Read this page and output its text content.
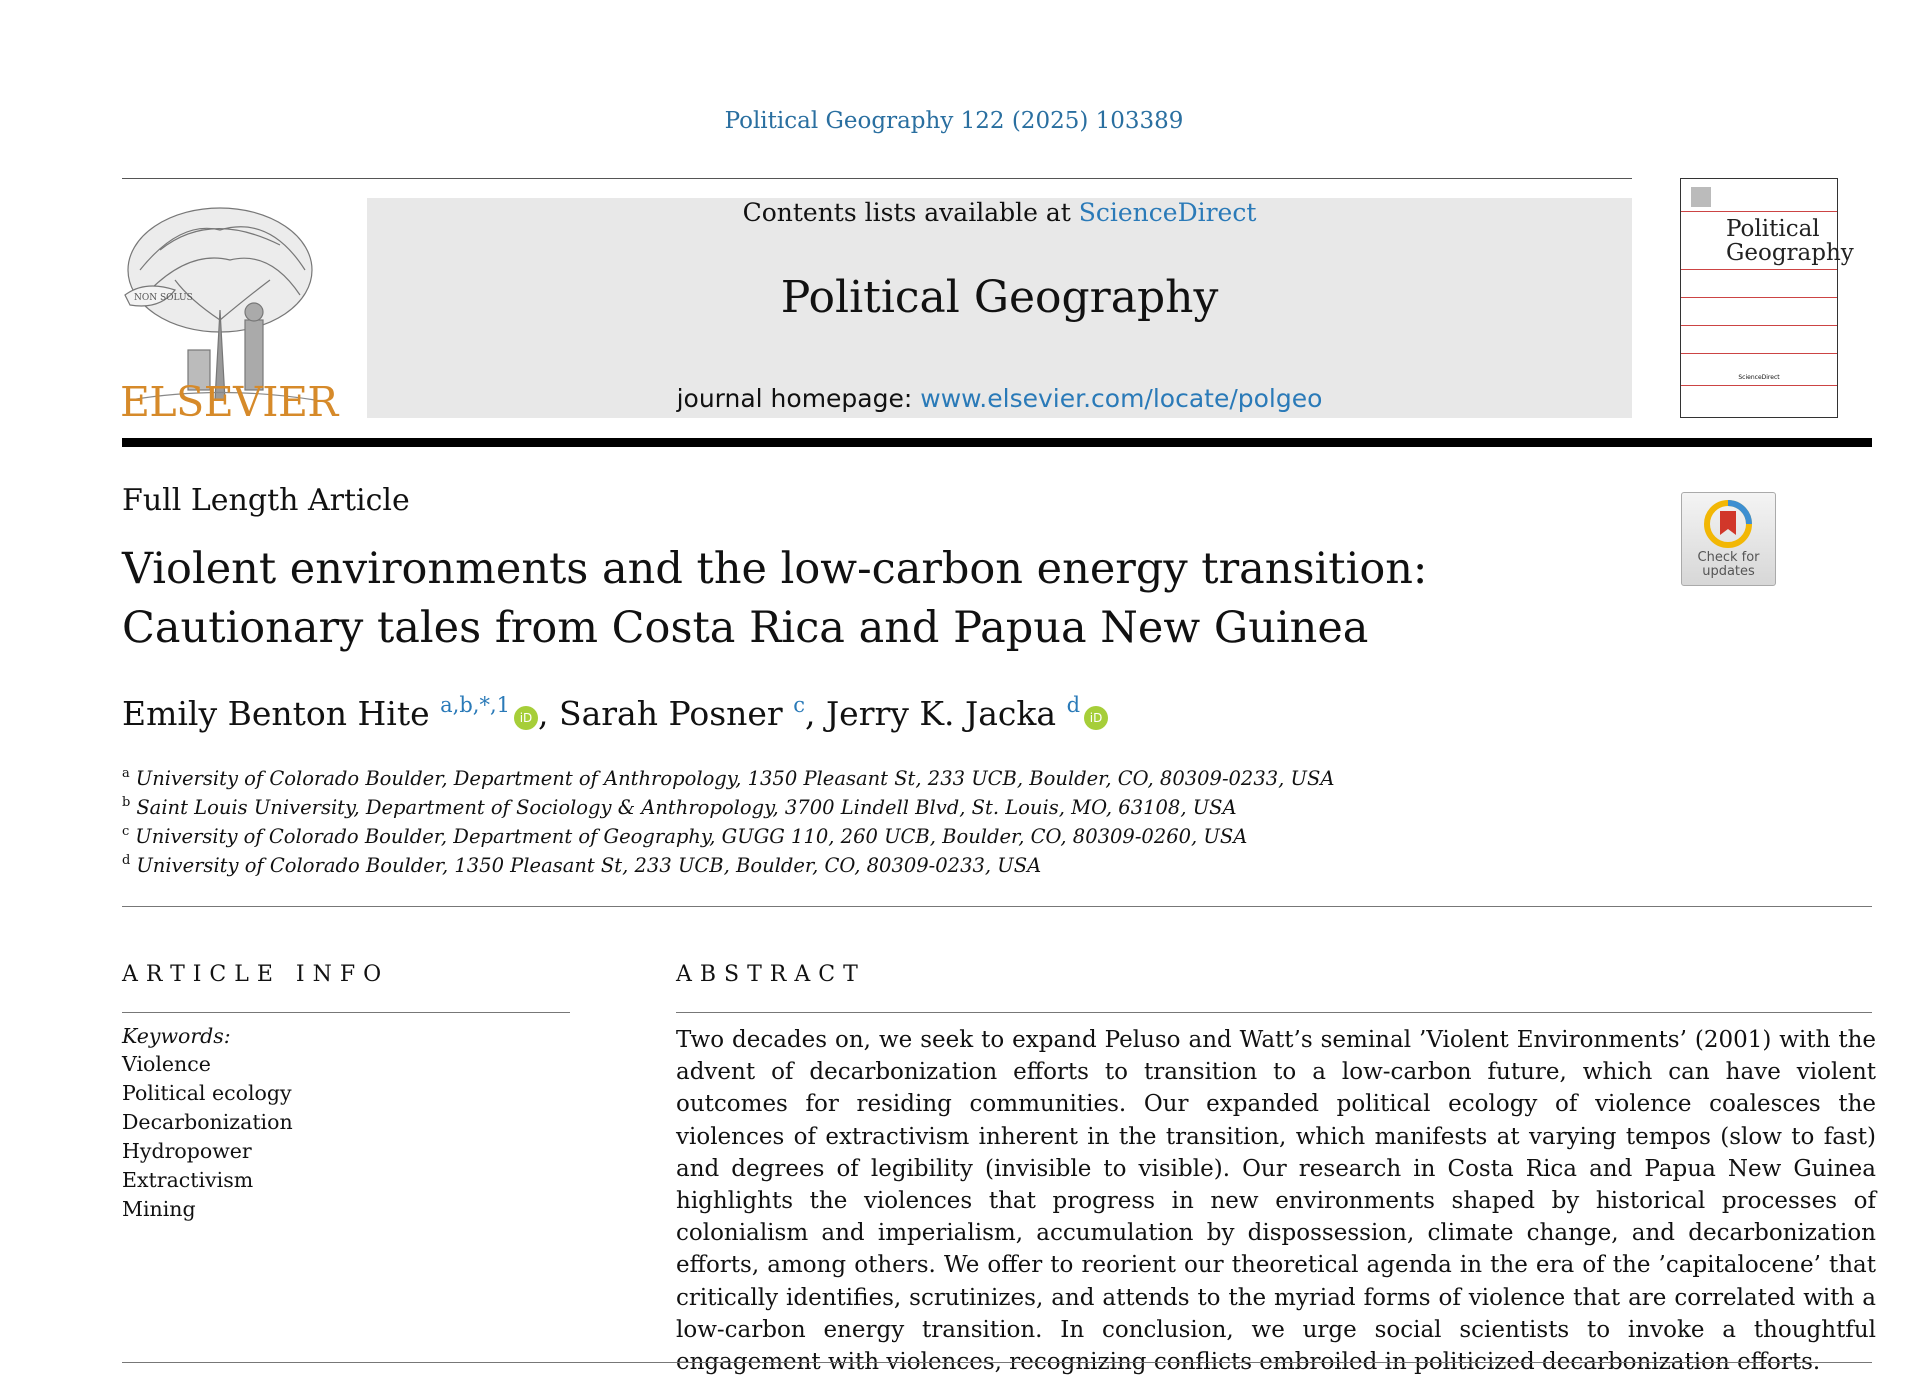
Political Geography 122 (2025) 103389
NON SOLUS
ELSEVIER
Contents lists available at ScienceDirect
Political Geography
journal homepage: www.elsevier.com/locate/polgeo
Political
Geography
ScienceDirect
Full Length Article
Violent environments and the low-carbon energy transition: Cautionary tales from Costa Rica and Papua New Guinea
Check for
updates
Emily Benton Hite $^{a,b,*,1}$iD , Sarah Posner $^c$, Jerry K. Jacka $^d$iD
$^a$ University of Colorado Boulder, Department of Anthropology, 1350 Pleasant St, 233 UCB, Boulder, CO, 80309-0233, USA
$^b$ Saint Louis University, Department of Sociology & Anthropology, 3700 Lindell Blvd, St. Louis, MO, 63108, USA
$^c$ University of Colorado Boulder, Department of Geography, GUGG 110, 260 UCB, Boulder, CO, 80309-0260, USA
$^d$ University of Colorado Boulder, 1350 Pleasant St, 233 UCB, Boulder, CO, 80309-0233, USA
ARTICLE INFO
Keywords:
Violence
Political ecology
Decarbonization
Hydropower
Extractivism
Mining
ABSTRACT
Two decades on, we seek to expand Peluso and Watt’s seminal ’Violent Environments’ (2001) with the advent of decarbonization efforts to transition to a low-carbon future, which can have violent outcomes for residing communities. Our expanded political ecology of violence coalesces the violences of extractivism inherent in the transition, which manifests at varying tempos (slow to fast) and degrees of legibility (invisible to visible). Our research in Costa Rica and Papua New Guinea highlights the violences that progress in new environments shaped by historical processes of colonialism and imperialism, accumulation by dispossession, climate change, and decarbonization efforts, among others. We offer to reorient our theoretical agenda in the era of the ’capitalocene’ that critically identifies, scrutinizes, and attends to the myriad forms of violence that are correlated with a low-carbon energy transition. In conclusion, we urge social scientists to invoke a thoughtful engagement with violences, recognizing conflicts embroiled in politicized decarbonization efforts.
